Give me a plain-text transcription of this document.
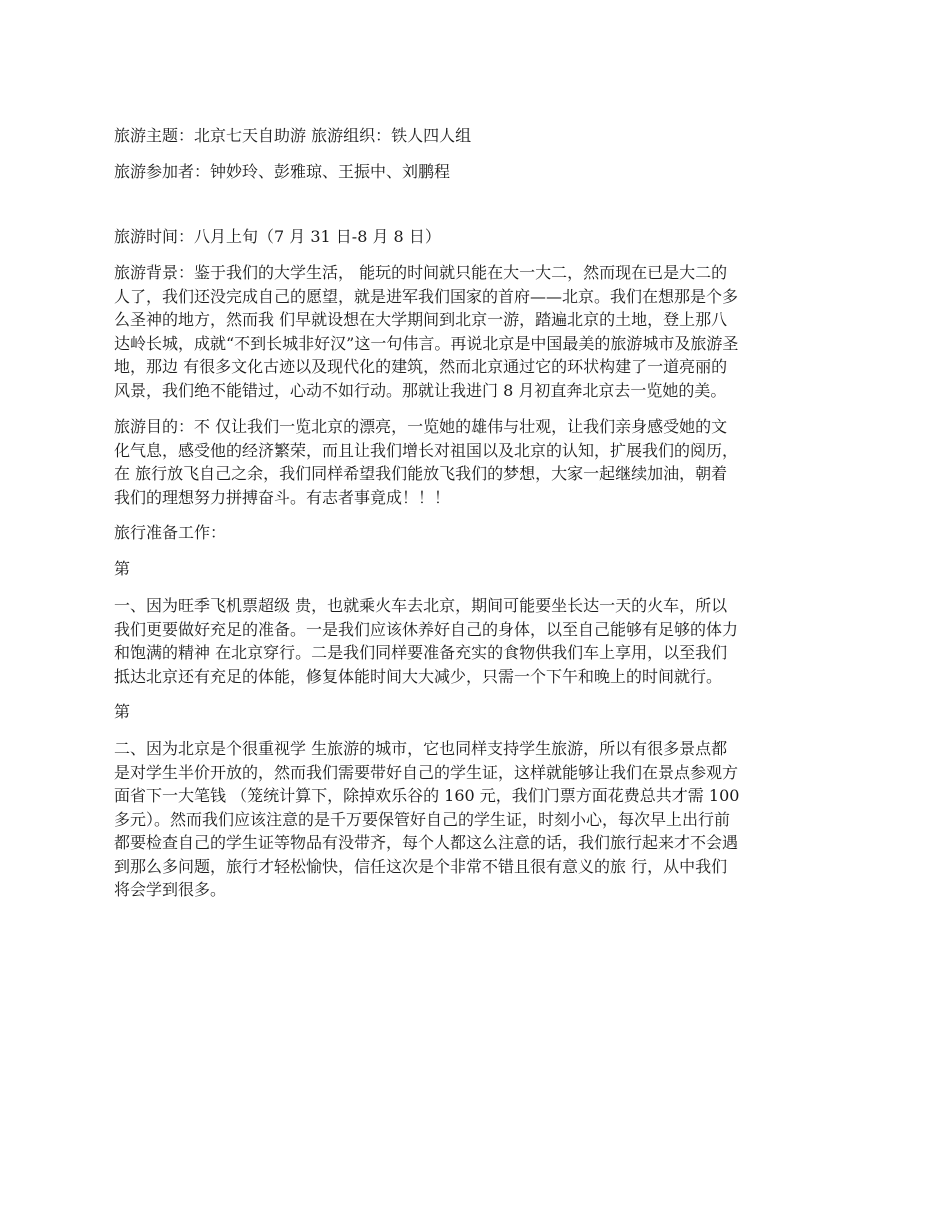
旅游主题：北京七天自助游 旅游组织：铁人四人组

旅游参加者：钟妙玲、彭雅琼、王振中、刘鹏程

旅游时间：八月上旬（7 月 31 日-8 月 8 日）

旅游背景：鉴于我们的大学生活， 能玩的时间就只能在大一大二，然而现在已是大二的
人了，我们还没完成自己的愿望，就是进军我们国家的首府——北京。我们在想那是个多
么圣神的地方，然而我 们早就设想在大学期间到北京一游，踏遍北京的土地，登上那八
达岭长城，成就“不到长城非好汉”这一句伟言。再说北京是中国最美的旅游城市及旅游圣
地，那边 有很多文化古迹以及现代化的建筑，然而北京通过它的环状构建了一道亮丽的
风景，我们绝不能错过，心动不如行动。那就让我进门 8 月初直奔北京去一览她的美。
旅游目的：不 仅让我们一览北京的漂亮，一览她的雄伟与壮观，让我们亲身感受她的文
化气息，感受他的经济繁荣，而且让我们增长对祖国以及北京的认知，扩展我们的阅历，
在 旅行放飞自己之余，我们同样希望我们能放飞我们的梦想，大家一起继续加油，朝着
我们的理想努力拼搏奋斗。有志者事竟成！！！

旅行准备工作：

第

一、因为旺季飞机票超级 贵，也就乘火车去北京，期间可能要坐长达一天的火车，所以
我们更要做好充足的准备。一是我们应该休养好自己的身体，以至自己能够有足够的体力
和饱满的精神 在北京穿行。二是我们同样要准备充实的食物供我们车上享用，以至我们
抵达北京还有充足的体能，修复体能时间大大减少，只需一个下午和晚上的时间就行。

第

二、因为北京是个很重视学 生旅游的城市，它也同样支持学生旅游，所以有很多景点都
是对学生半价开放的，然而我们需要带好自己的学生证，这样就能够让我们在景点参观方
面省下一大笔钱 （笼统计算下，除掉欢乐谷的 160 元，我们门票方面花费总共才需 100
多元）。然而我们应该注意的是千万要保管好自己的学生证，时刻小心，每次早上出行前
都要检查自己的学生证等物品有没带齐，每个人都这么注意的话，我们旅行起来才不会遇
到那么多问题，旅行才轻松愉快，信任这次是个非常不错且很有意义的旅 行，从中我们
将会学到很多。
